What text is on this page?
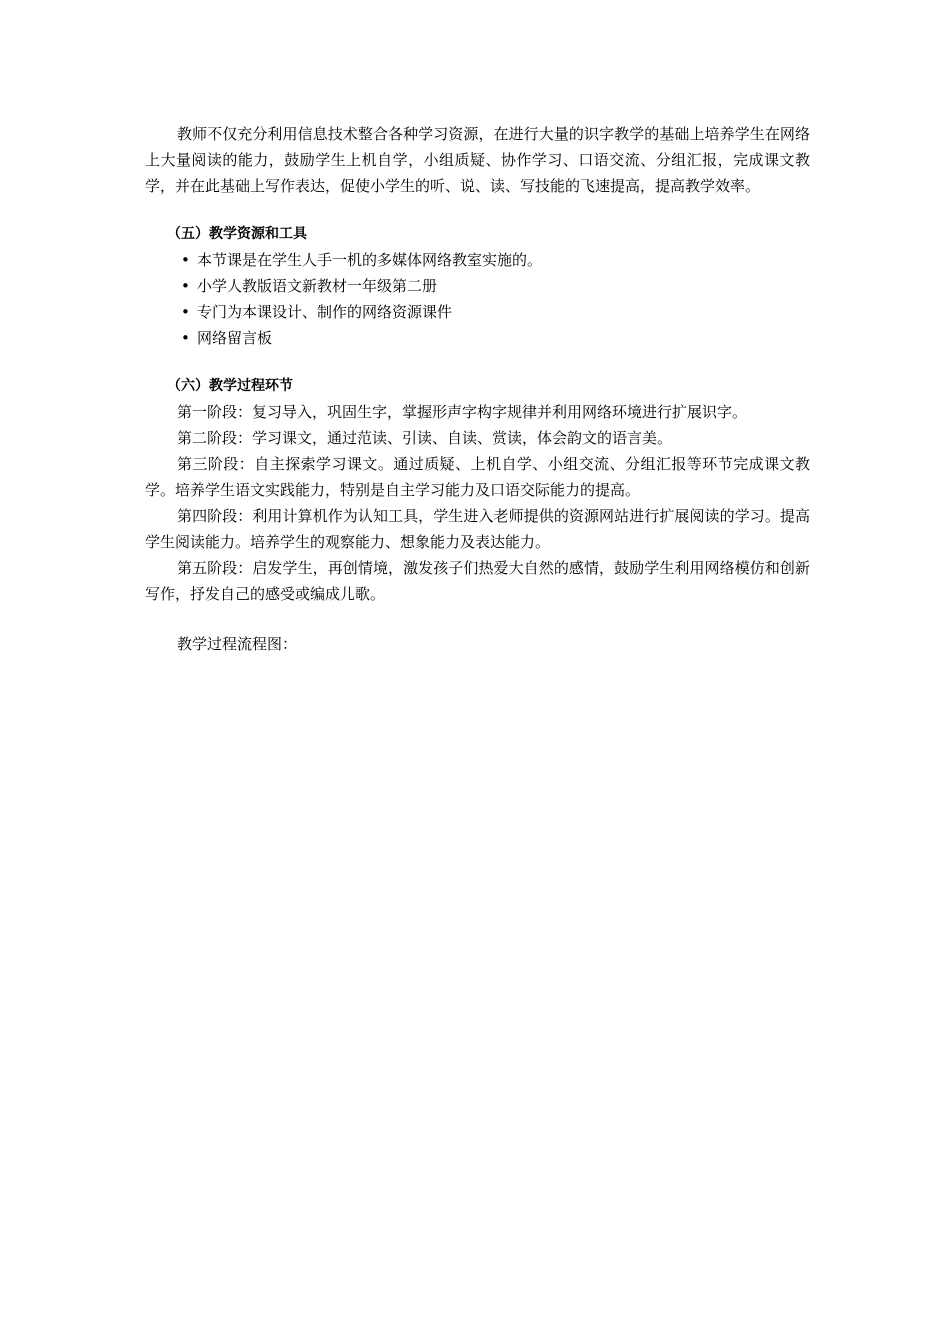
教师不仅充分利用信息技术整合各种学习资源，在进行大量的识字教学的基础上培养学生在网络上大量阅读的能力，鼓励学生上机自学，小组质疑、协作学习、口语交流、分组汇报，完成课文教学，并在此基础上写作表达，促使小学生的听、说、读、写技能的飞速提高，提高教学效率。

（五）教学资源和工具
• 本节课是在学生人手一机的多媒体网络教室实施的。
• 小学人教版语文新教材一年级第二册
• 专门为本课设计、制作的网络资源课件
• 网络留言板
（六）教学过程环节

第一阶段：复习导入，巩固生字，掌握形声字构字规律并利用网络环境进行扩展识字。

第二阶段：学习课文，通过范读、引读、自读、赏读，体会韵文的语言美。

第三阶段：自主探索学习课文。通过质疑、上机自学、小组交流、分组汇报等环节完成课文教学。培养学生语文实践能力，特别是自主学习能力及口语交际能力的提高。

第四阶段：利用计算机作为认知工具，学生进入老师提供的资源网站进行扩展阅读的学习。提高学生阅读能力。培养学生的观察能力、想象能力及表达能力。

第五阶段：启发学生，再创情境，激发孩子们热爱大自然的感情，鼓励学生利用网络模仿和创新写作，抒发自己的感受或编成儿歌。

教学过程流程图：
